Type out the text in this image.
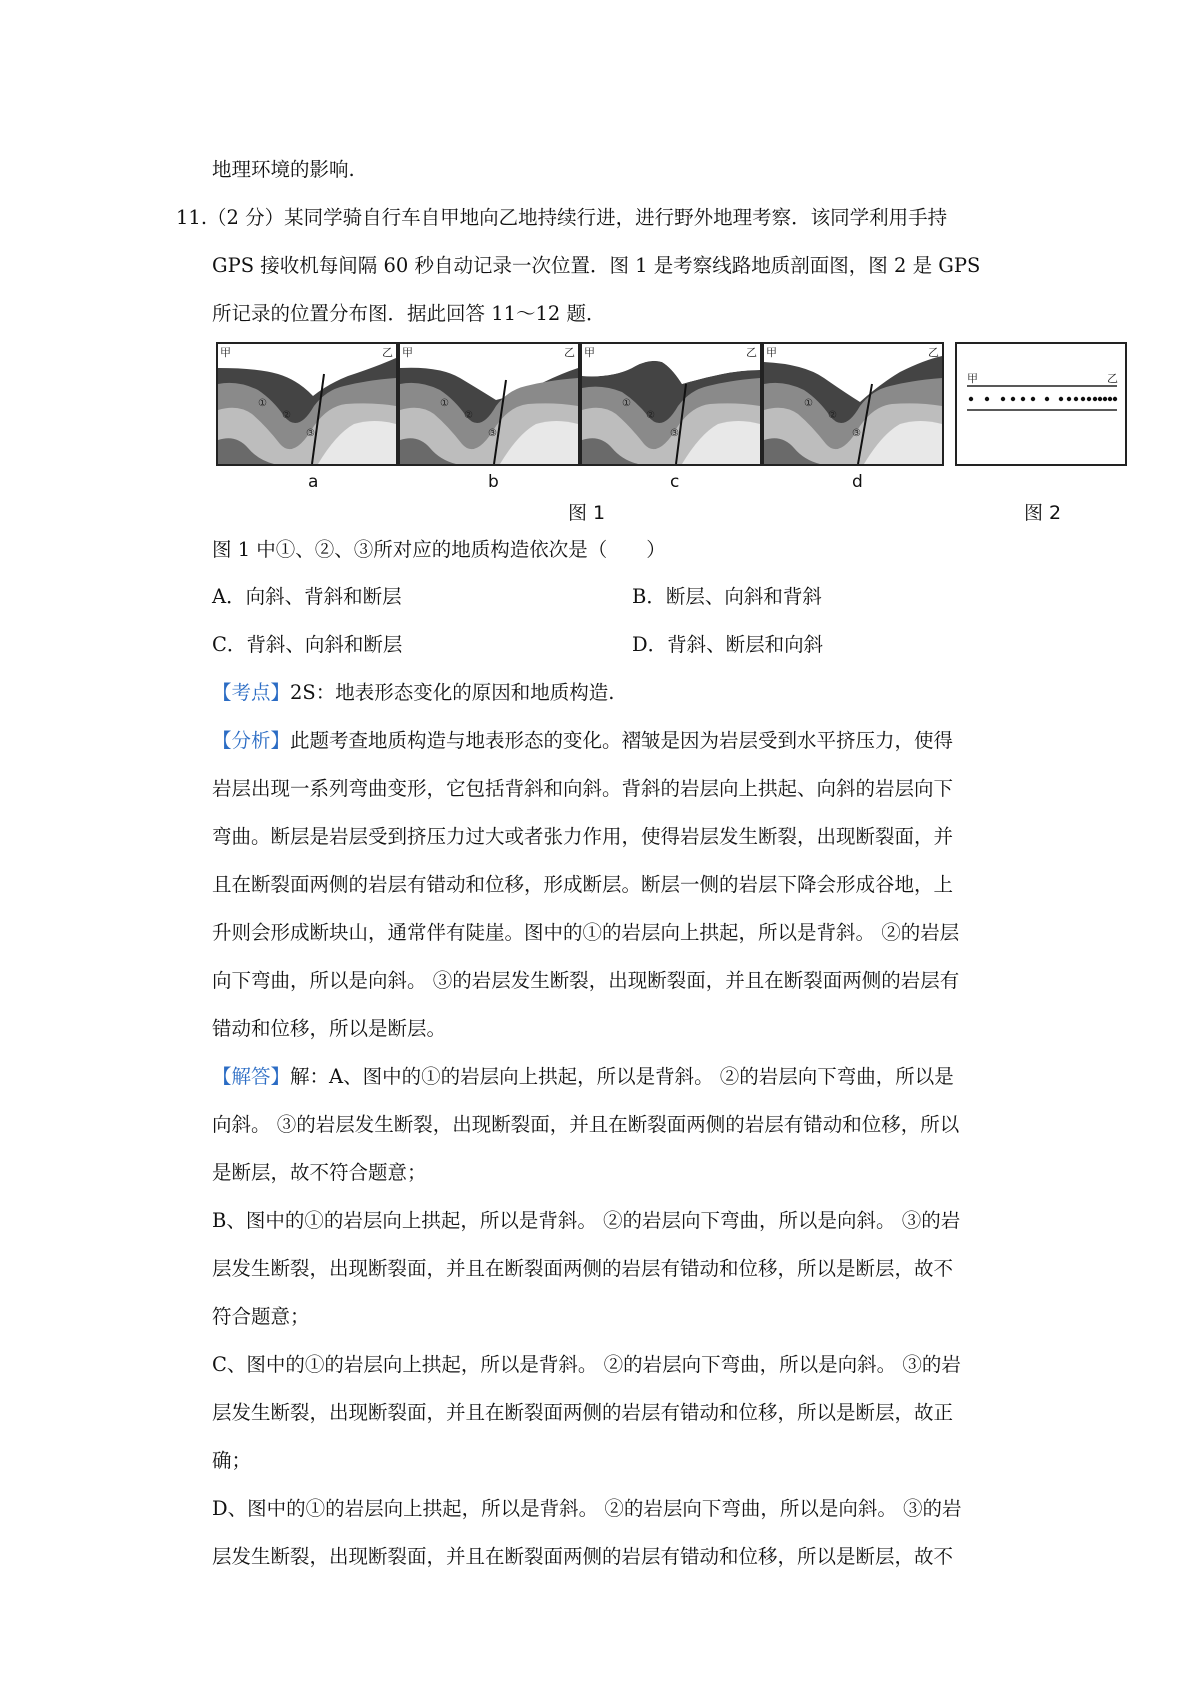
地理环境的影响.
11.（2 分）某同学骑自行车自甲地向乙地持续行进，进行野外地理考察．该同学利用手持
GPS 接收机每间隔 60 秒自动记录一次位置．图 1 是考察线路地质剖面图，图 2 是 GPS
所记录的位置分布图．据此回答 11～12 题．
甲	乙
①
②
③
甲	乙
①
②
③
甲	乙
①
②
③
甲	乙
①
②
③
甲	乙
a	b	c	d
图 1	图 2
图 1 中①、②、③所对应的地质构造依次是（　　）
A．向斜、背斜和断层	B．断层、向斜和背斜
C．背斜、向斜和断层	D．背斜、断层和向斜
【考点】2S：地表形态变化的原因和地质构造.
【分析】此题考查地质构造与地表形态的变化。褶皱是因为岩层受到水平挤压力，使得
岩层出现一系列弯曲变形，它包括背斜和向斜。背斜的岩层向上拱起、向斜的岩层向下
弯曲。断层是岩层受到挤压力过大或者张力作用，使得岩层发生断裂，出现断裂面，并
且在断裂面两侧的岩层有错动和位移，形成断层。断层一侧的岩层下降会形成谷地，上
升则会形成断块山，通常伴有陡崖。图中的①的岩层向上拱起，所以是背斜。 ②的岩层
向下弯曲，所以是向斜。 ③的岩层发生断裂，出现断裂面，并且在断裂面两侧的岩层有
错动和位移，所以是断层。
【解答】解：A、图中的①的岩层向上拱起，所以是背斜。 ②的岩层向下弯曲，所以是
向斜。 ③的岩层发生断裂，出现断裂面，并且在断裂面两侧的岩层有错动和位移，所以
是断层，故不符合题意；
B、图中的①的岩层向上拱起，所以是背斜。 ②的岩层向下弯曲，所以是向斜。 ③的岩
层发生断裂，出现断裂面，并且在断裂面两侧的岩层有错动和位移，所以是断层，故不
符合题意；
C、图中的①的岩层向上拱起，所以是背斜。 ②的岩层向下弯曲，所以是向斜。 ③的岩
层发生断裂，出现断裂面，并且在断裂面两侧的岩层有错动和位移，所以是断层，故正
确；
D、图中的①的岩层向上拱起，所以是背斜。 ②的岩层向下弯曲，所以是向斜。 ③的岩
层发生断裂，出现断裂面，并且在断裂面两侧的岩层有错动和位移，所以是断层，故不
